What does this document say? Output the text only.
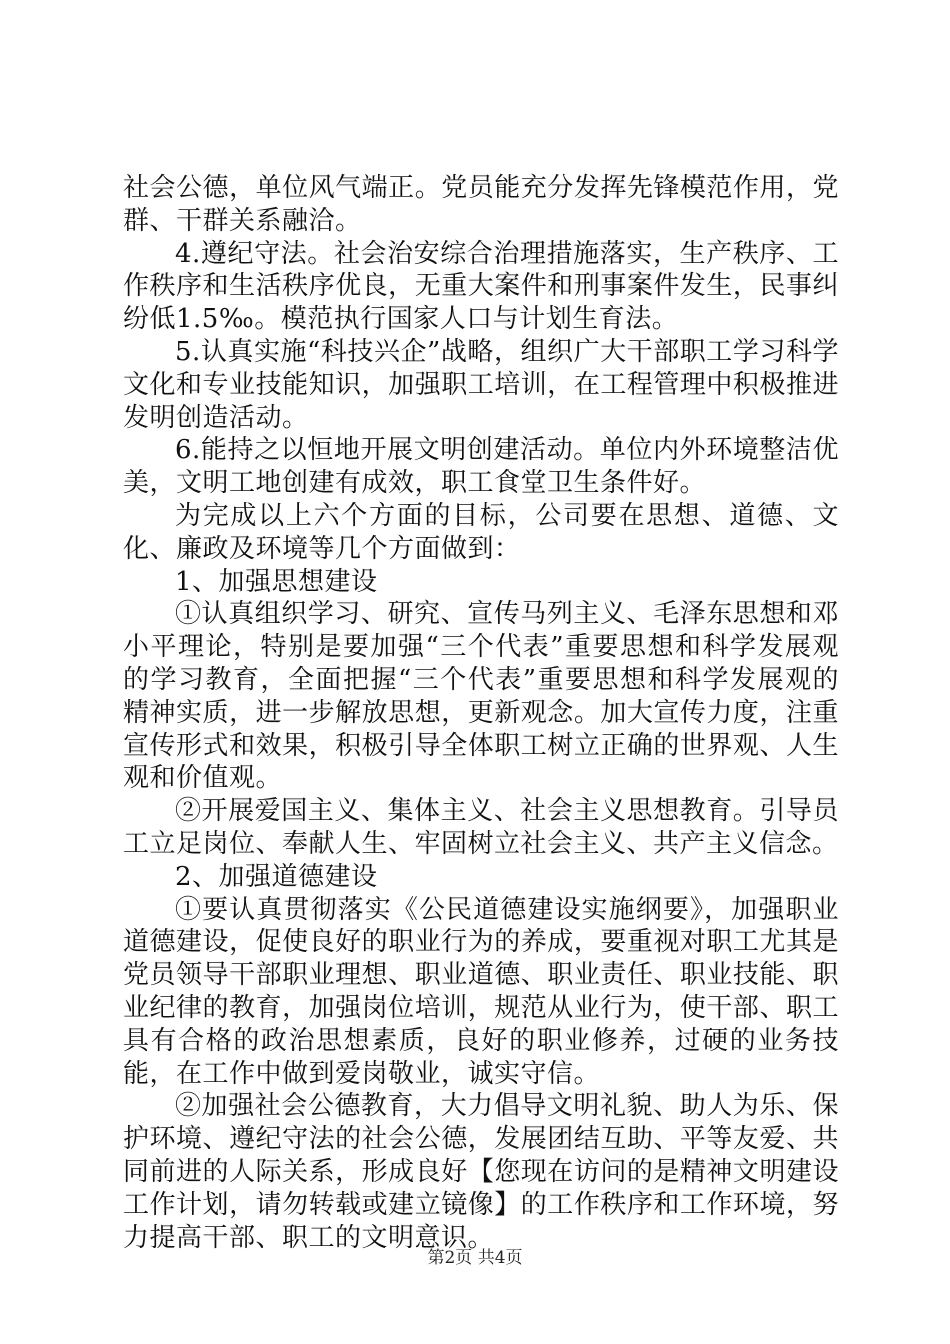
社会公德，单位风气端正。党员能充分发挥先锋模范作用，党群、干群关系融洽。

4.遵纪守法。社会治安综合治理措施落实，生产秩序、工作秩序和生活秩序优良，无重大案件和刑事案件发生，民事纠纷低1.5‰。模范执行国家人口与计划生育法。

5.认真实施“科技兴企”战略，组织广大干部职工学习科学文化和专业技能知识，加强职工培训，在工程管理中积极推进发明创造活动。

6.能持之以恒地开展文明创建活动。单位内外环境整洁优美，文明工地创建有成效，职工食堂卫生条件好。

为完成以上六个方面的目标，公司要在思想、道德、文化、廉政及环境等几个方面做到：

1、加强思想建设

①认真组织学习、研究、宣传马列主义、毛泽东思想和邓小平理论，特别是要加强“三个代表”重要思想和科学发展观的学习教育，全面把握“三个代表”重要思想和科学发展观的精神实质，进一步解放思想，更新观念。加大宣传力度，注重宣传形式和效果，积极引导全体职工树立正确的世界观、人生观和价值观。

②开展爱国主义、集体主义、社会主义思想教育。引导员工立足岗位、奉献人生、牢固树立社会主义、共产主义信念。

2、加强道德建设

①要认真贯彻落实《公民道德建设实施纲要》，加强职业道德建设，促使良好的职业行为的养成，要重视对职工尤其是党员领导干部职业理想、职业道德、职业责任、职业技能、职业纪律的教育，加强岗位培训，规范从业行为，使干部、职工具有合格的政治思想素质，良好的职业修养，过硬的业务技能，在工作中做到爱岗敬业，诚实守信。

②加强社会公德教育，大力倡导文明礼貌、助人为乐、保护环境、遵纪守法的社会公德，发展团结互助、平等友爱、共同前进的人际关系，形成良好【您现在访问的是精神文明建设工作计划，请勿转载或建立镜像】的工作秩序和工作环境，努力提高干部、职工的文明意识。

第2页 共4页
